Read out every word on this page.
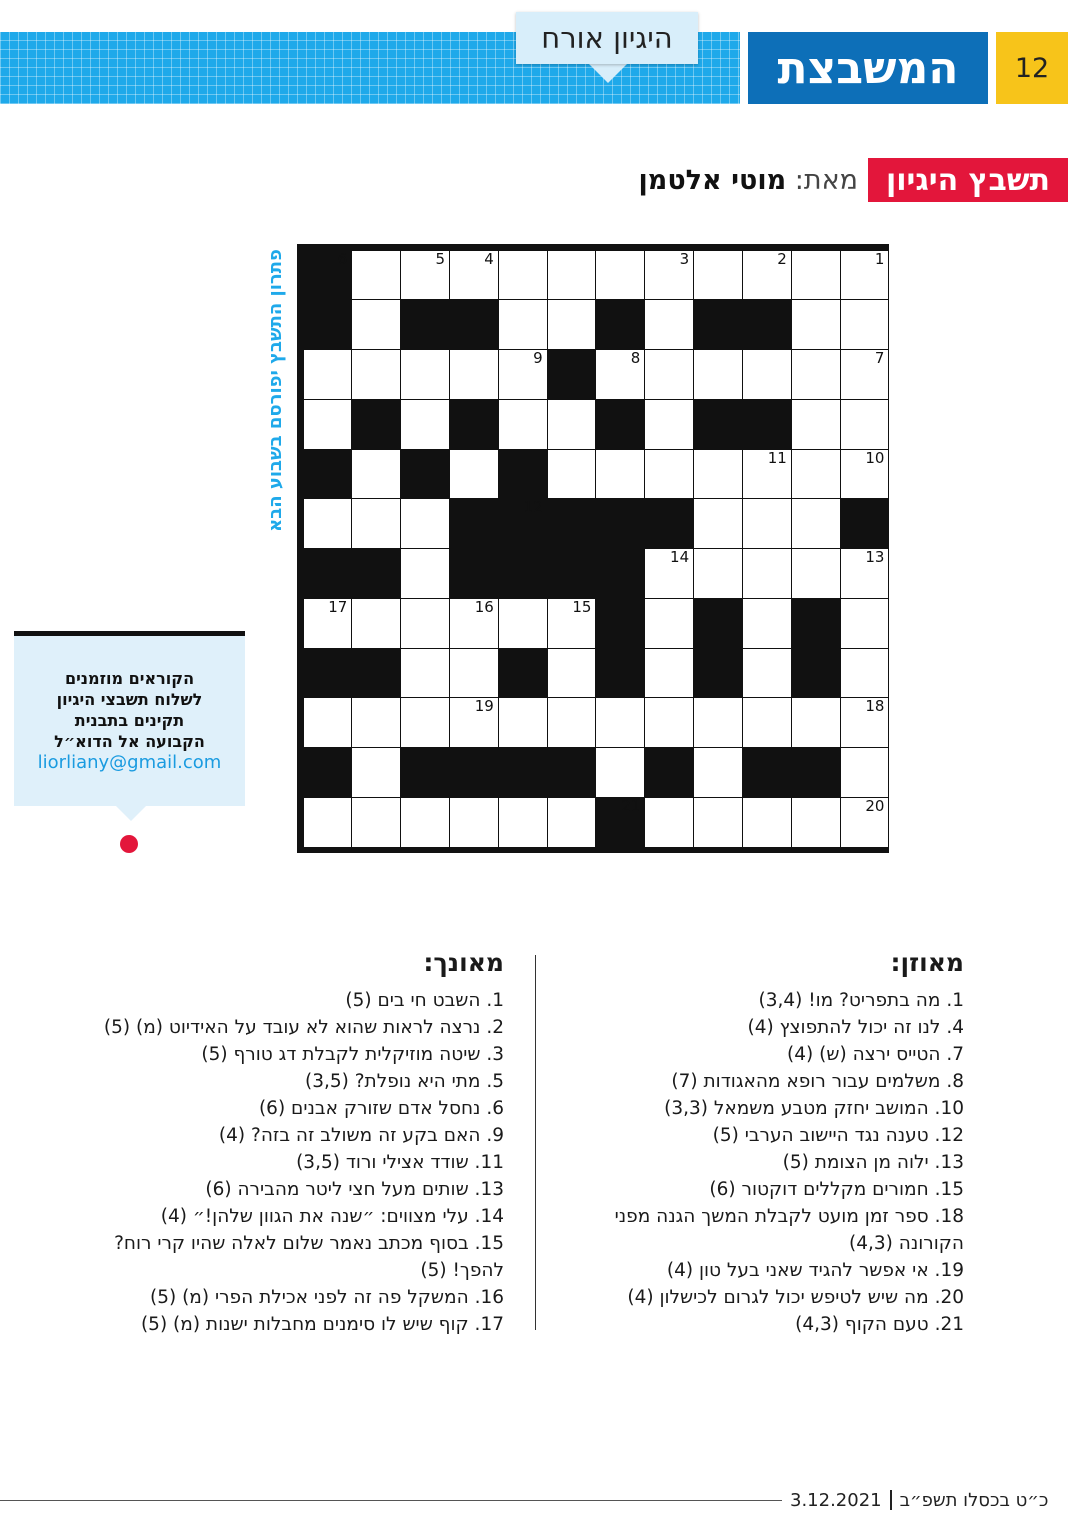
היגיון אורח
המשבצת	12
תשבץ היגיון
מאת:

מוטי אלטמן
פתרון התשבץ יפורסם בשבוע הבא	1
2
3
4
5
6
7
8
9
10
11
12
13
14
15
16
17
18
19
20
21
הקוראים מוזמנים
לשלוח תשבצי היגיון
תקינים בתבנית
הקבועה אל הדוא״ל
liorliany@gmail.com
מאוזן:
1. מה בתפריט? מו! (3,4)
4. לנו זה יכול להתפוצץ (4)
7. הטייס ירצה (ש) (4)
8. משלמים עבור רופא מהאגודות (7)
10. המושב יחזק מטבע משמאל (3,3)
12. טענה נגד היישוב הערבי (5)
13. ילוה מן הצומת (5)
15. חמורים מקללים דוקטור (6)
18. ספר זמן מועט לקבלת המשך הגנה מפני הקורונה (4,3)
19. אי אפשר להגיד שאני בעל טון (4)
20. מה שיש לטיפש יכול לגרום לכישלון (4)
21. טעם הקוף (4,3)
מאונך:
1. השבט חי בים (5)
2. נרצה לראות שהוא לא עובד על האידיוט (מ) (5)
3. שיטה מוזיקלית לקבלת דג טורף (5)
5. מתי היא נופלת? (3,5)
6. נחסל אדם שזורק אבנים (6)
9. האם בקע זה משולב זה בזה? (4)
11. שודד אצילי ורוד (3,5)
13. שותים מעל חצי ליטר מהבירה (6)
14. עלי מצווים: ״שנה את הגוון שלהן!״ (4)
15. בסוף מכתב נאמר שלום לאלה שהיו קרי רוח? להפך! (5)
16. המשקל פה זה לפני אכילת הפרי (מ) (5)
17. קוף שיש לו סימנים מחבלות ישנות (מ) (5)
כ״ט בכסלו תשפ״ב
3.12.2021
